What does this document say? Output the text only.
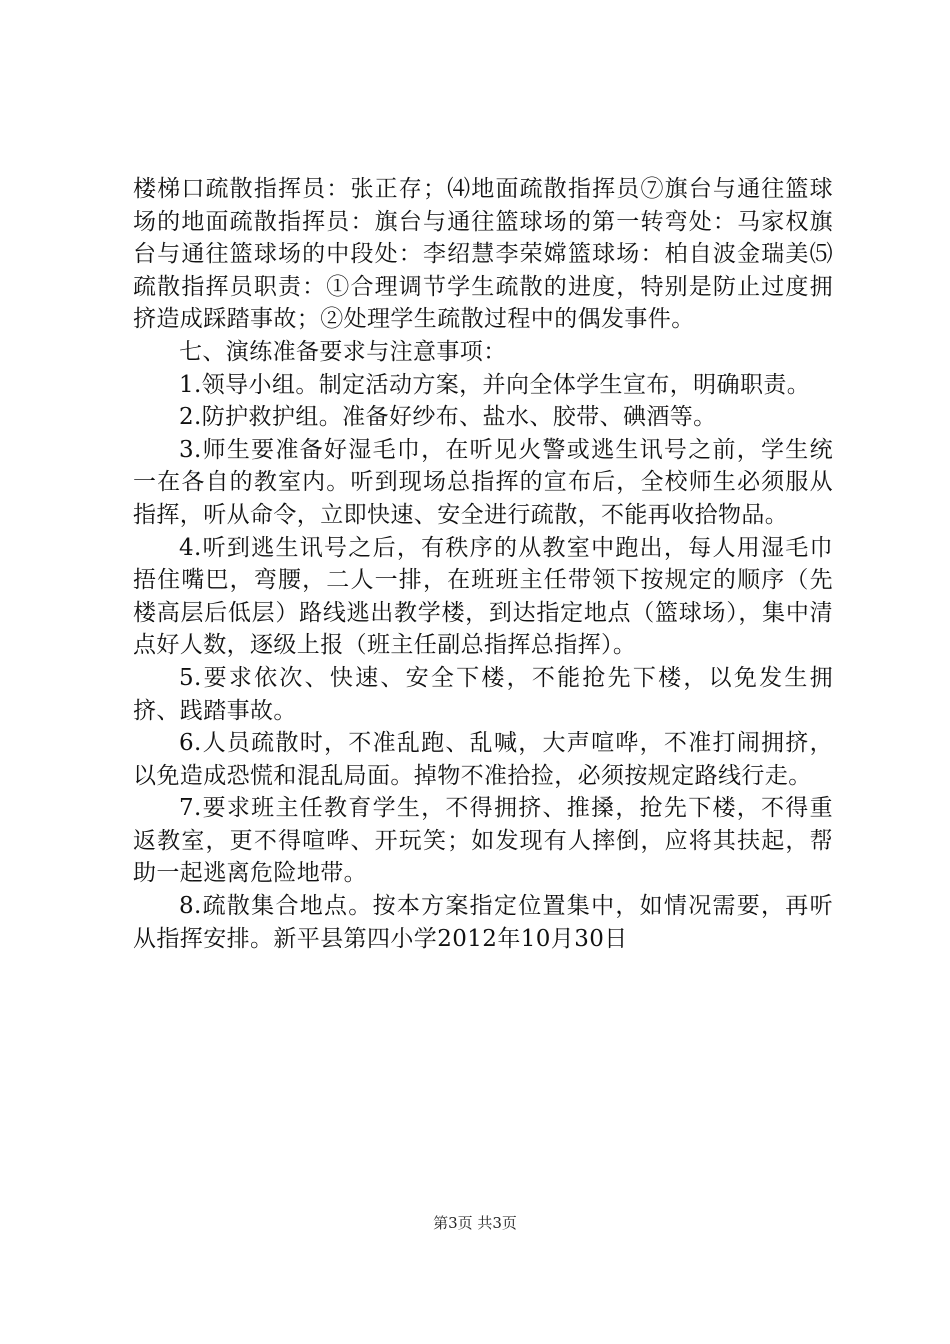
楼梯口疏散指挥员：张正存；⑷地面疏散指挥员⑦旗台与通往篮球场的地面疏散指挥员：旗台与通往篮球场的第一转弯处：马家权旗台与通往篮球场的中段处：李绍慧李荣嫦篮球场：柏自波金瑞美⑸疏散指挥员职责：①合理调节学生疏散的进度，特别是防止过度拥挤造成踩踏事故；②处理学生疏散过程中的偶发事件。

七、演练准备要求与注意事项：

1.领导小组。制定活动方案，并向全体学生宣布，明确职责。

2.防护救护组。准备好纱布、盐水、胶带、碘酒等。

3.师生要准备好湿毛巾，在听见火警或逃生讯号之前，学生统一在各自的教室内。听到现场总指挥的宣布后，全校师生必须服从指挥，听从命令，立即快速、安全进行疏散，不能再收拾物品。

4.听到逃生讯号之后，有秩序的从教室中跑出，每人用湿毛巾捂住嘴巴，弯腰，二人一排，在班班主任带领下按规定的顺序（先楼高层后低层）路线逃出教学楼，到达指定地点（篮球场），集中清点好人数，逐级上报（班主任副总指挥总指挥）。

5.要求依次、快速、安全下楼，不能抢先下楼，以免发生拥挤、践踏事故。

6.人员疏散时，不准乱跑、乱喊，大声喧哗，不准打闹拥挤，以免造成恐慌和混乱局面。掉物不准拾捡，必须按规定路线行走。

7.要求班主任教育学生，不得拥挤、推搡，抢先下楼，不得重返教室，更不得喧哗、开玩笑；如发现有人摔倒，应将其扶起，帮助一起逃离危险地带。

8.疏散集合地点。按本方案指定位置集中，如情况需要，再听从指挥安排。新平县第四小学2012年10月30日

第3页 共3页
